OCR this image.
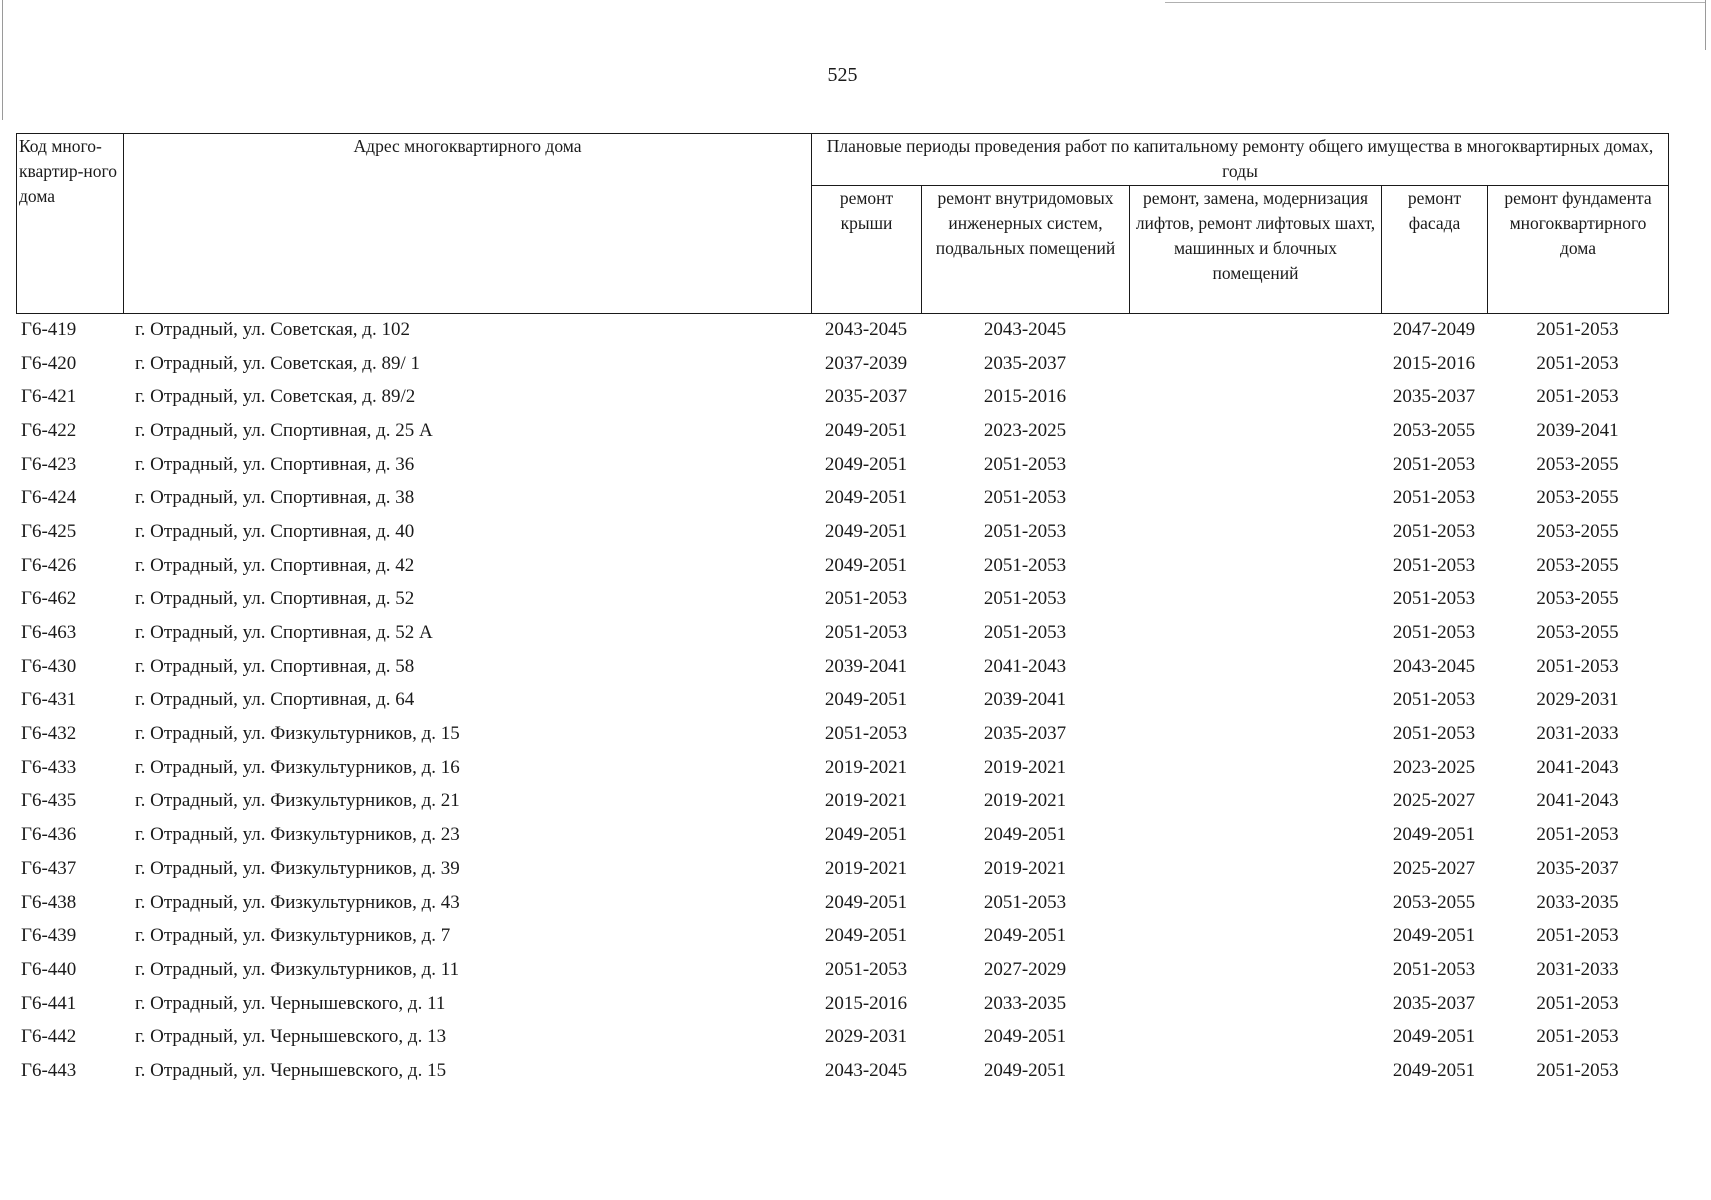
525
Код много-квартир-ного дома	Адрес многоквартирного дома	Плановые периоды проведения работ по капитальному ремонту общего имущества в многоквартирных домах, годы				
		ремонт крыши	ремонт внутридомовых инженерных систем, подвальных помещений	ремонт, замена, модернизация лифтов, ремонт лифтовых шахт, машинных и блочных помещений	ремонт фасада	ремонт фундамента многоквартирного дома
Г6-419	г. Отрадный, ул. Советская, д. 102	2043-2045	2043-2045		2047-2049	2051-2053
Г6-420	г. Отрадный, ул. Советская, д. 89/ 1	2037-2039	2035-2037		2015-2016	2051-2053
Г6-421	г. Отрадный, ул. Советская, д. 89/2	2035-2037	2015-2016		2035-2037	2051-2053
Г6-422	г. Отрадный, ул. Спортивная, д. 25 А	2049-2051	2023-2025		2053-2055	2039-2041
Г6-423	г. Отрадный, ул. Спортивная, д. 36	2049-2051	2051-2053		2051-2053	2053-2055
Г6-424	г. Отрадный, ул. Спортивная, д. 38	2049-2051	2051-2053		2051-2053	2053-2055
Г6-425	г. Отрадный, ул. Спортивная, д. 40	2049-2051	2051-2053		2051-2053	2053-2055
Г6-426	г. Отрадный, ул. Спортивная, д. 42	2049-2051	2051-2053		2051-2053	2053-2055
Г6-462	г. Отрадный, ул. Спортивная, д. 52	2051-2053	2051-2053		2051-2053	2053-2055
Г6-463	г. Отрадный, ул. Спортивная, д. 52 А	2051-2053	2051-2053		2051-2053	2053-2055
Г6-430	г. Отрадный, ул. Спортивная, д. 58	2039-2041	2041-2043		2043-2045	2051-2053
Г6-431	г. Отрадный, ул. Спортивная, д. 64	2049-2051	2039-2041		2051-2053	2029-2031
Г6-432	г. Отрадный, ул. Физкультурников, д. 15	2051-2053	2035-2037		2051-2053	2031-2033
Г6-433	г. Отрадный, ул. Физкультурников, д. 16	2019-2021	2019-2021		2023-2025	2041-2043
Г6-435	г. Отрадный, ул. Физкультурников, д. 21	2019-2021	2019-2021		2025-2027	2041-2043
Г6-436	г. Отрадный, ул. Физкультурников, д. 23	2049-2051	2049-2051		2049-2051	2051-2053
Г6-437	г. Отрадный, ул. Физкультурников, д. 39	2019-2021	2019-2021		2025-2027	2035-2037
Г6-438	г. Отрадный, ул. Физкультурников, д. 43	2049-2051	2051-2053		2053-2055	2033-2035
Г6-439	г. Отрадный, ул. Физкультурников, д. 7	2049-2051	2049-2051		2049-2051	2051-2053
Г6-440	г. Отрадный, ул. Физкультурников, д. 11	2051-2053	2027-2029		2051-2053	2031-2033
Г6-441	г. Отрадный, ул. Чернышевского, д. 11	2015-2016	2033-2035		2035-2037	2051-2053
Г6-442	г. Отрадный, ул. Чернышевского, д. 13	2029-2031	2049-2051		2049-2051	2051-2053
Г6-443	г. Отрадный, ул. Чернышевского, д. 15	2043-2045	2049-2051		2049-2051	2051-2053
